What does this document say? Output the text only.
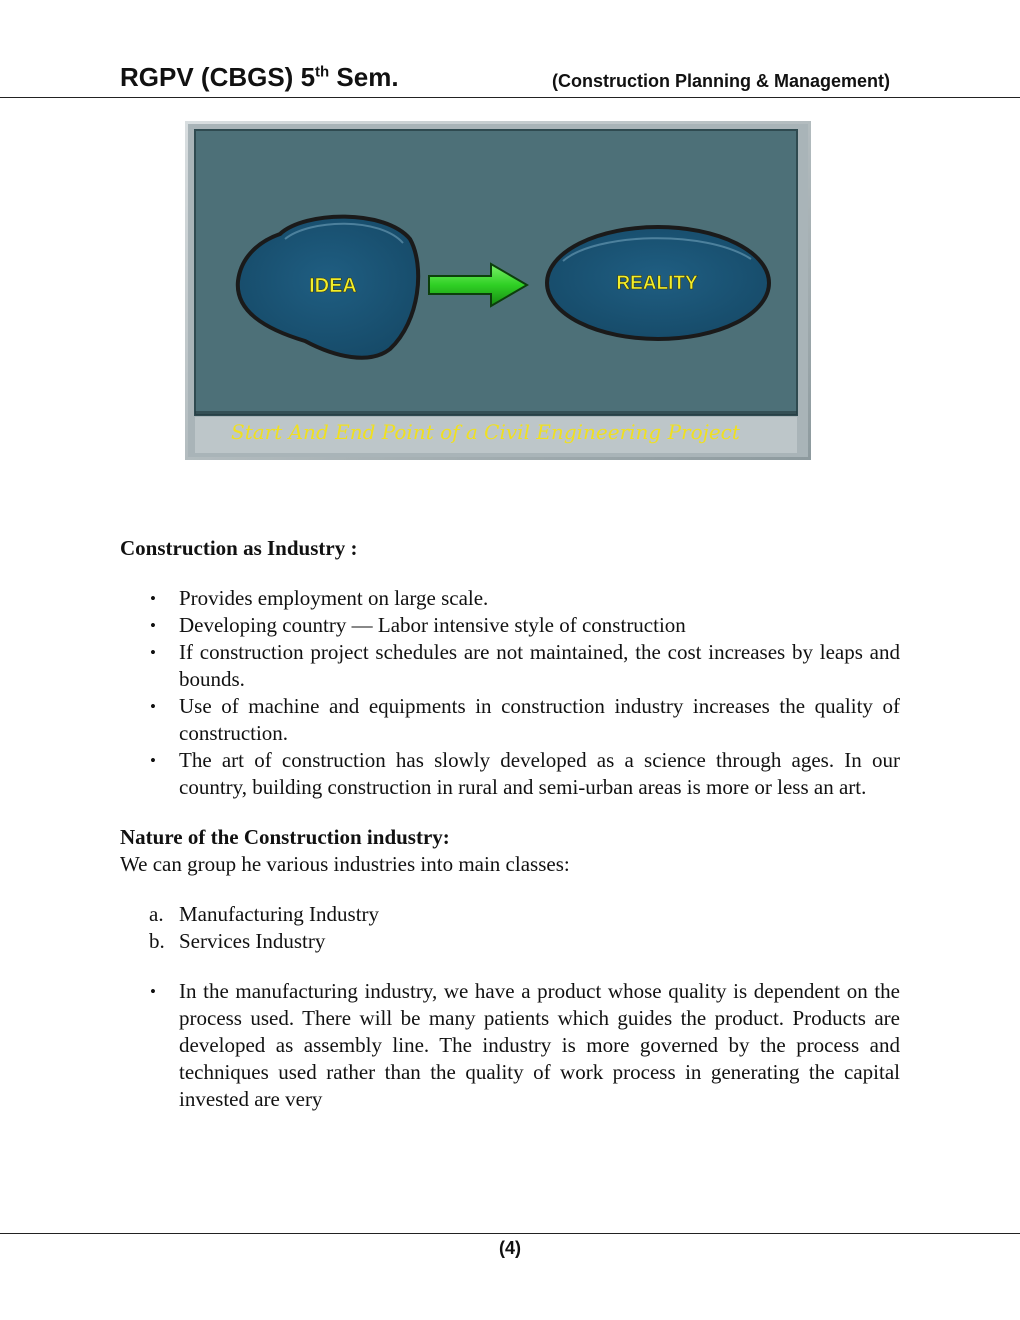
RGPV (CBGS) 5th Sem.	(Construction Planning & Management)
IDEA	REALITY
Start And End Point of a Civil Engineering Project
Construction as Industry :
• Provides employment on large scale.
• Developing country — Labor intensive style of construction
• If construction project schedules are not maintained, the cost increases by leaps and bounds.
• Use of machine and equipments in construction industry increases the quality of construction.
• The art of construction has slowly developed as a science through ages. In our country, building construction in rural and semi-urban areas is more or less an art.
Nature of the Construction industry:
We can group he various industries into main classes:
a. Manufacturing Industry
b. Services Industry
• In the manufacturing industry, we have a product whose quality is dependent on the process used. There will be many patients which guides the product. Products are developed as assembly line. The industry is more governed by the process and techniques used rather than the quality of work process in generating the capital invested are very
(4)
